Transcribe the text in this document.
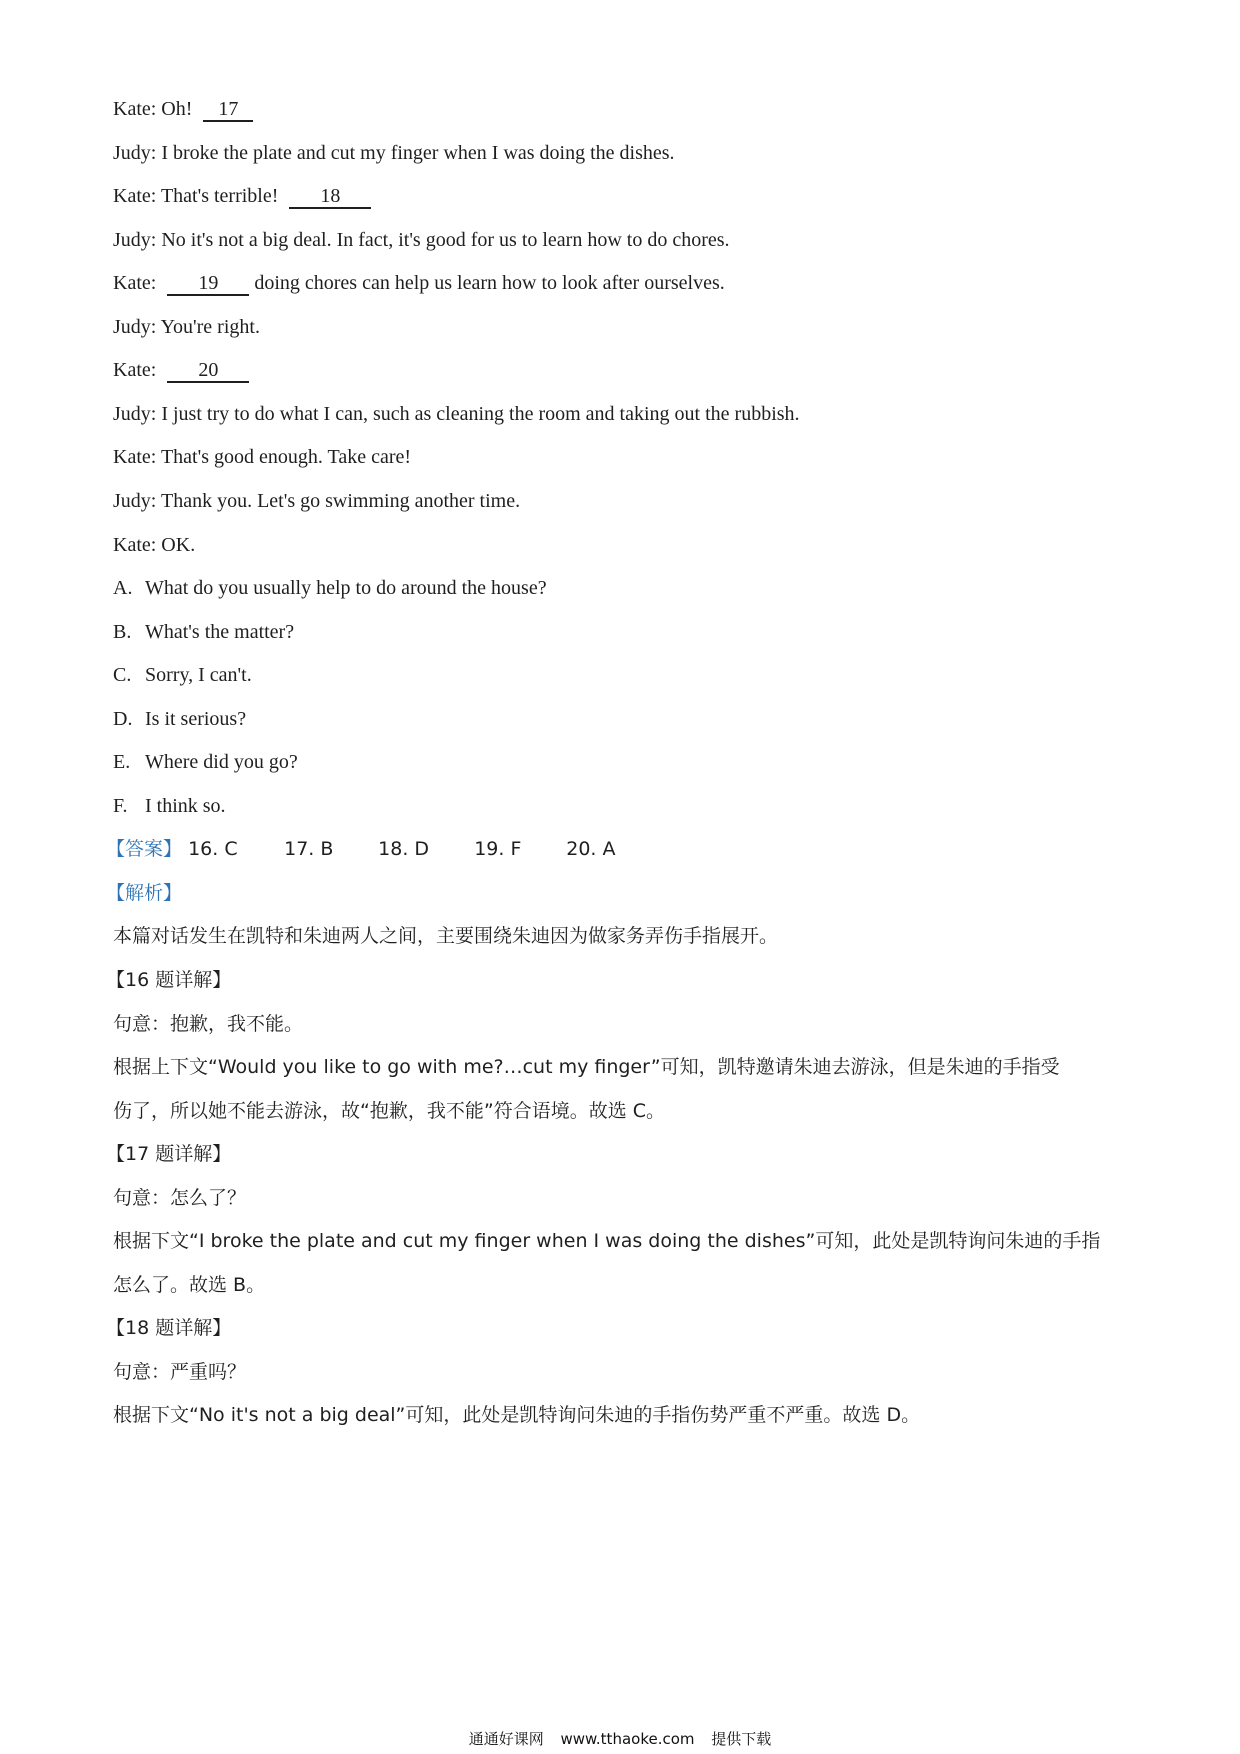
Kate: Oh! 17
Judy: I broke the plate and cut my finger when I was doing the dishes.
Kate: That's terrible! 18
Judy: No it's not a big deal. In fact, it's good for us to learn how to do chores.
Kate: 19 doing chores can help us learn how to look after ourselves.
Judy: You're right.
Kate: 20
Judy: I just try to do what I can, such as cleaning the room and taking out the rubbish.
Kate: That's good enough. Take care!
Judy: Thank you. Let's go swimming another time.
Kate: OK.
A. What do you usually help to do around the house?
B. What's the matter?
C. Sorry, I can't.
D. Is it serious?
E. Where did you go?
F. I think so.
【答案】 16. C 17. B 18. D 19. F 20. A
【解析】
本篇对话发生在凯特和朱迪两人之间，主要围绕朱迪因为做家务弄伤手指展开。
【16 题详解】
句意：抱歉，我不能。
根据上下文“Would you like to go with me?…cut my finger”可知，凯特邀请朱迪去游泳，但是朱迪的手指受
伤了，所以她不能去游泳，故“抱歉，我不能”符合语境。故选 C。
【17 题详解】
句意：怎么了？
根据下文“I broke the plate and cut my finger when I was doing the dishes”可知，此处是凯特询问朱迪的手指
怎么了。故选 B。
【18 题详解】
句意：严重吗？
根据下文“No it's not a big deal”可知，此处是凯特询问朱迪的手指伤势严重不严重。故选 D。
通通好课网 www.tthaoke.com 提供下载
